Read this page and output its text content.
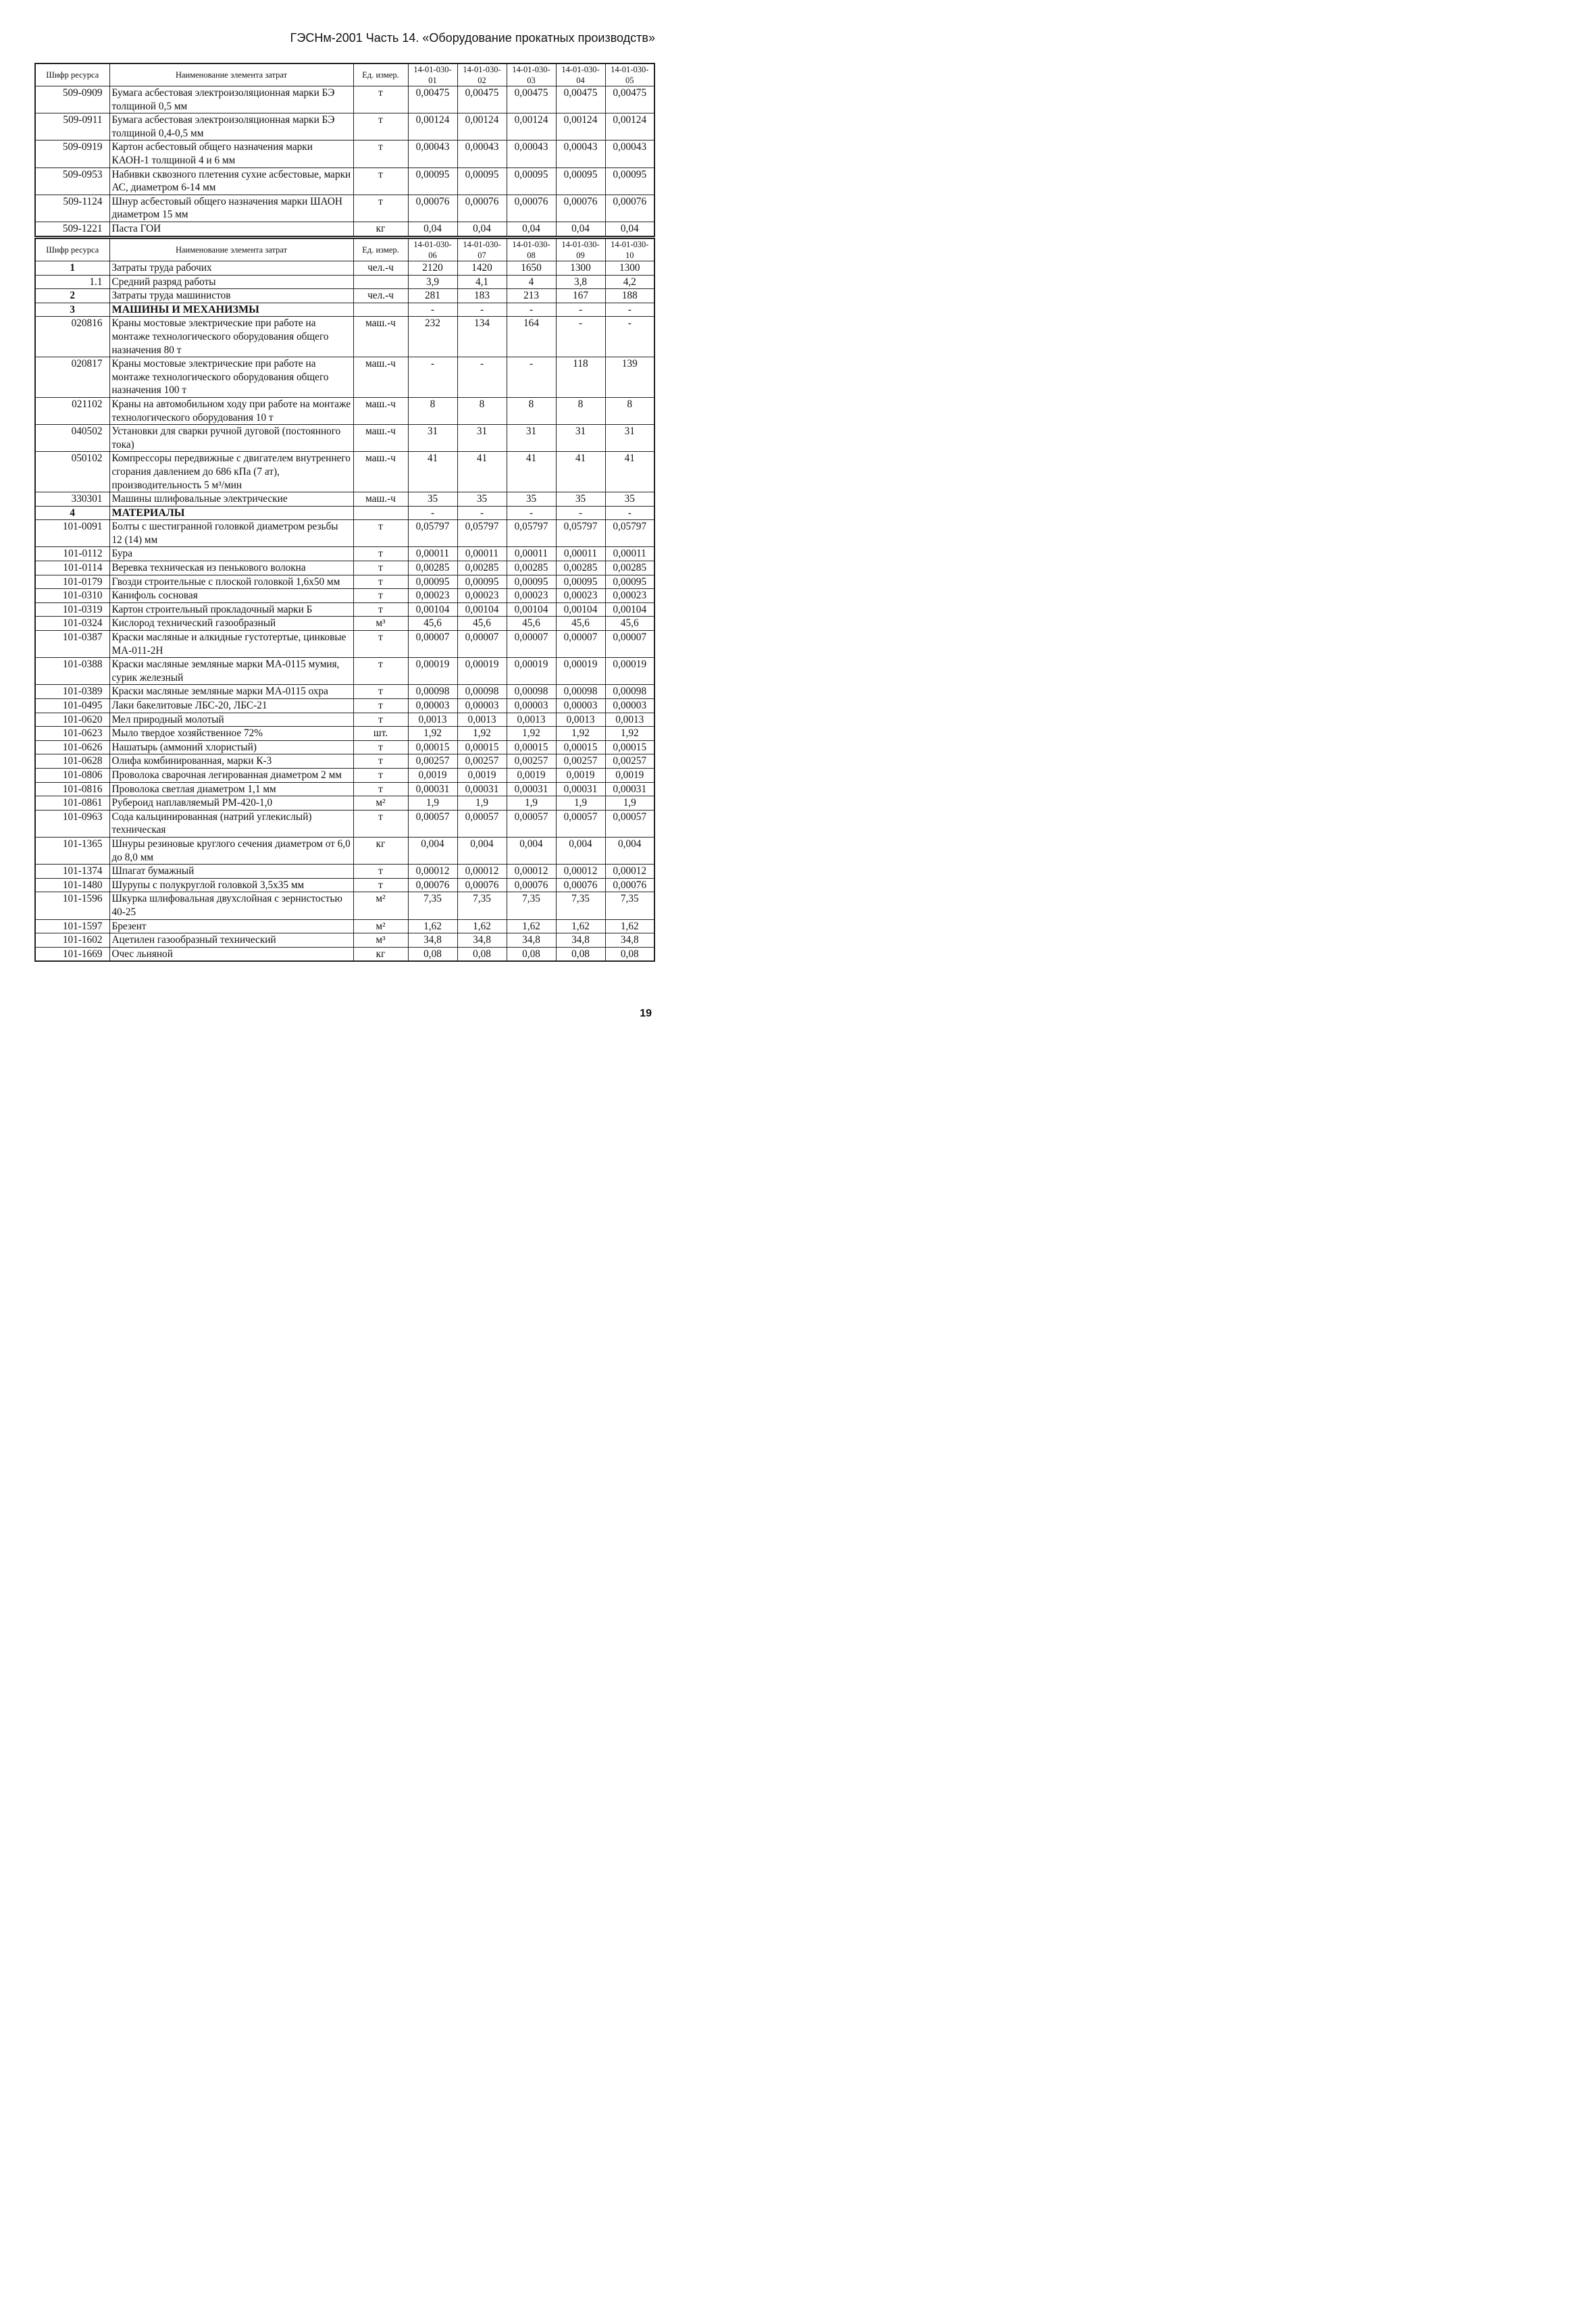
ГЭСНм-2001 Часть 14. «Оборудование прокатных производств»
Шифр ресурса	Наименование элемента затрат	Ед. измер.	14-01-030-01	14-01-030-02	14-01-030-03	14-01-030-04	14-01-030-05
509-0909	Бумага асбестовая электроизоляционная марки БЭ толщиной 0,5 мм	т	0,00475	0,00475	0,00475	0,00475	0,00475
509-0911	Бумага асбестовая электроизоляционная марки БЭ толщиной 0,4-0,5 мм	т	0,00124	0,00124	0,00124	0,00124	0,00124
509-0919	Картон асбестовый общего назначения марки КАОН-1 толщиной 4 и 6 мм	т	0,00043	0,00043	0,00043	0,00043	0,00043
509-0953	Набивки сквозного плетения сухие асбестовые, марки АС, диаметром 6-14 мм	т	0,00095	0,00095	0,00095	0,00095	0,00095
509-1124	Шнур асбестовый общего назначения марки ШАОН диаметром 15 мм	т	0,00076	0,00076	0,00076	0,00076	0,00076
509-1221	Паста ГОИ	кг	0,04	0,04	0,04	0,04	0,04
Шифр ресурса	Наименование элемента затрат	Ед. измер.	14-01-030-06	14-01-030-07	14-01-030-08	14-01-030-09	14-01-030-10
1	Затраты труда рабочих	чел.-ч	2120	1420	1650	1300	1300
1.1	Средний разряд работы		3,9	4,1	4	3,8	4,2
2	Затраты труда машинистов	чел.-ч	281	183	213	167	188
3	МАШИНЫ И МЕХАНИЗМЫ		-	-	-	-	-
020816	Краны мостовые электрические при работе на монтаже технологического оборудования общего назначения 80 т	маш.-ч	232	134	164	-	-
020817	Краны мостовые электрические при работе на монтаже технологического оборудования общего назначения 100 т	маш.-ч	-	-	-	118	139
021102	Краны на автомобильном ходу при работе на монтаже технологического оборудования 10 т	маш.-ч	8	8	8	8	8
040502	Установки для сварки ручной дуговой (постоянного тока)	маш.-ч	31	31	31	31	31
050102	Компрессоры передвижные с двигателем внутреннего сгорания давлением до 686 кПа (7 ат), производительность 5 м³/мин	маш.-ч	41	41	41	41	41
330301	Машины шлифовальные электрические	маш.-ч	35	35	35	35	35
4	МАТЕРИАЛЫ		-	-	-	-	-
101-0091	Болты с шестигранной головкой диаметром резьбы 12 (14) мм	т	0,05797	0,05797	0,05797	0,05797	0,05797
101-0112	Бура	т	0,00011	0,00011	0,00011	0,00011	0,00011
101-0114	Веревка техническая из пенькового волокна	т	0,00285	0,00285	0,00285	0,00285	0,00285
101-0179	Гвозди строительные с плоской головкой 1,6х50 мм	т	0,00095	0,00095	0,00095	0,00095	0,00095
101-0310	Канифоль сосновая	т	0,00023	0,00023	0,00023	0,00023	0,00023
101-0319	Картон строительный прокладочный марки Б	т	0,00104	0,00104	0,00104	0,00104	0,00104
101-0324	Кислород технический газообразный	м³	45,6	45,6	45,6	45,6	45,6
101-0387	Краски масляные и алкидные густотертые, цинковые МА-011-2Н	т	0,00007	0,00007	0,00007	0,00007	0,00007
101-0388	Краски масляные земляные марки МА-0115 мумия, сурик железный	т	0,00019	0,00019	0,00019	0,00019	0,00019
101-0389	Краски масляные земляные марки МА-0115 охра	т	0,00098	0,00098	0,00098	0,00098	0,00098
101-0495	Лаки бакелитовые ЛБС-20, ЛБС-21	т	0,00003	0,00003	0,00003	0,00003	0,00003
101-0620	Мел природный молотый	т	0,0013	0,0013	0,0013	0,0013	0,0013
101-0623	Мыло твердое хозяйственное 72%	шт.	1,92	1,92	1,92	1,92	1,92
101-0626	Нашатырь (аммоний хлористый)	т	0,00015	0,00015	0,00015	0,00015	0,00015
101-0628	Олифа комбинированная, марки К-3	т	0,00257	0,00257	0,00257	0,00257	0,00257
101-0806	Проволока сварочная легированная диаметром 2 мм	т	0,0019	0,0019	0,0019	0,0019	0,0019
101-0816	Проволока светлая диаметром 1,1 мм	т	0,00031	0,00031	0,00031	0,00031	0,00031
101-0861	Рубероид наплавляемый РМ-420-1,0	м²	1,9	1,9	1,9	1,9	1,9
101-0963	Сода кальцинированная (натрий углекислый) техническая	т	0,00057	0,00057	0,00057	0,00057	0,00057
101-1365	Шнуры резиновые круглого сечения диаметром от 6,0 до 8,0 мм	кг	0,004	0,004	0,004	0,004	0,004
101-1374	Шпагат бумажный	т	0,00012	0,00012	0,00012	0,00012	0,00012
101-1480	Шурупы с полукруглой головкой 3,5х35 мм	т	0,00076	0,00076	0,00076	0,00076	0,00076
101-1596	Шкурка шлифовальная двухслойная с зернистостью 40-25	м²	7,35	7,35	7,35	7,35	7,35
101-1597	Брезент	м²	1,62	1,62	1,62	1,62	1,62
101-1602	Ацетилен газообразный технический	м³	34,8	34,8	34,8	34,8	34,8
101-1669	Очес льняной	кг	0,08	0,08	0,08	0,08	0,08
19
